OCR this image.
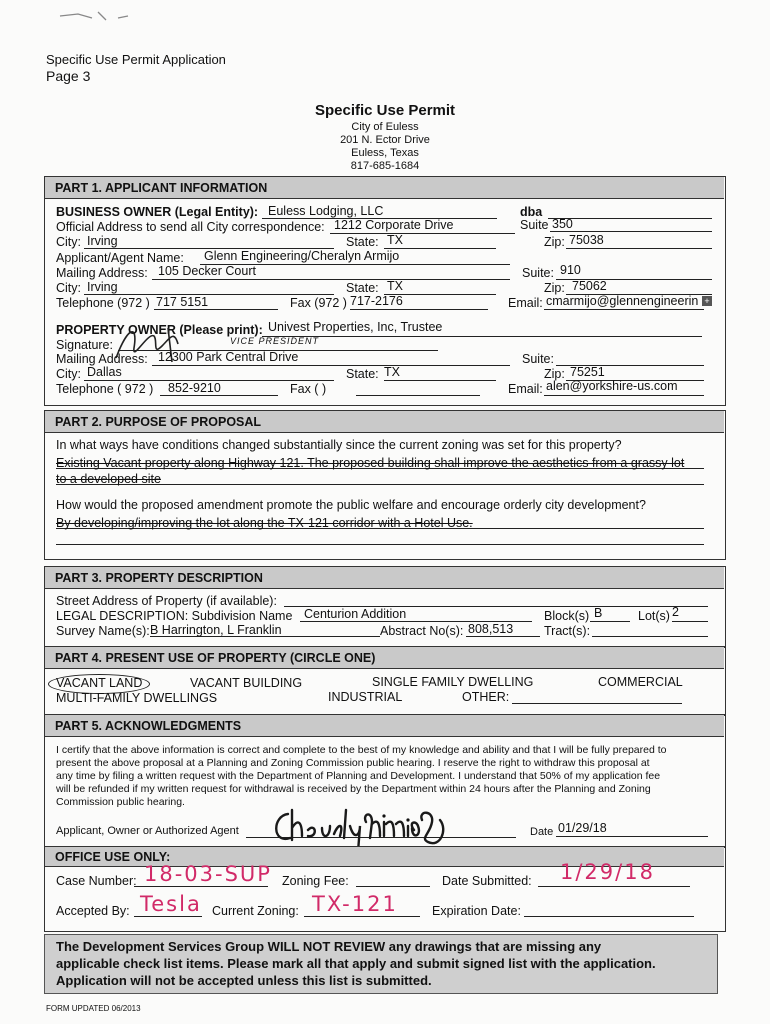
Specific Use Permit Application
Page 3
Specific Use Permit
City of Euless
201 N. Ector Drive
Euless, Texas
817-685-1684
PART 1. APPLICANT INFORMATION
BUSINESS OWNER (Legal Entity): Euless Lodging, LLC	dba
Official Address to send all City correspondence: 1212 Corporate Drive	Suite 350
City: Irving	State: TX	Zip: 75038
Applicant/Agent Name: Glenn Engineering/Cheralyn Armijo
Mailing Address: 105 Decker Court	Suite: 910
City: Irving	State: TX	Zip: 75062
Telephone (972 ) 717 5151	Fax (972 ) 717-2176	Email: cmarmijo@glennengineerin +
PROPERTY OWNER (Please print): Univest Properties, Inc, Trustee
Signature:	VICE PRESIDENT
Mailing Address: 12300 Park Central Drive	Suite:
City: Dallas	State: TX	Zip: 75251
Telephone ( 972 ) 852-9210	Fax ( )	Email: alen@yorkshire-us.com
PART 2. PURPOSE OF PROPOSAL
In what ways have conditions changed substantially since the current zoning was set for this property?
Existing Vacant property along Highway 121. The proposed building shall improve the aesthetics from a grassy lot
to a developed site
How would the proposed amendment promote the public welfare and encourage orderly city development?
By developing/improving the lot along the TX-121 corridor with a Hotel Use.
PART 3. PROPERTY DESCRIPTION
Street Address of Property (if available):
LEGAL DESCRIPTION: Subdivision Name Centurion Addition	Block(s) B	Lot(s) 2
Survey Name(s): B Harrington, L Franklin	Abstract No(s): 808,513 Tract(s):
PART 4. PRESENT USE OF PROPERTY (CIRCLE ONE)
VACANT LAND	VACANT BUILDING	SINGLE FAMILY DWELLING	COMMERCIAL
MULTI-FAMILY DWELLINGS	INDUSTRIAL	OTHER:
PART 5. ACKNOWLEDGMENTS
I certify that the above information is correct and complete to the best of my knowledge and ability and that I will be fully prepared to
present the above proposal at a Planning and Zoning Commission public hearing. I reserve the right to withdraw this proposal at
any time by filing a written request with the Department of Planning and Development. I understand that 50% of my application fee
will be refunded if my written request for withdrawal is received by the Department within 24 hours after the Planning and Zoning
Commission public hearing.
Applicant, Owner or Authorized Agent	Date 01/29/18
OFFICE USE ONLY:
Case Number: 18-03-SUP Zoning Fee:	Date Submitted: 1/29/18
Accepted By: Tesla Current Zoning: TX-121	Expiration Date:
The Development Services Group WILL NOT REVIEW any drawings that are missing any
applicable check list items. Please mark all that apply and submit signed list with the application.
Application will not be accepted unless this list is submitted.
FORM UPDATED 06/2013
